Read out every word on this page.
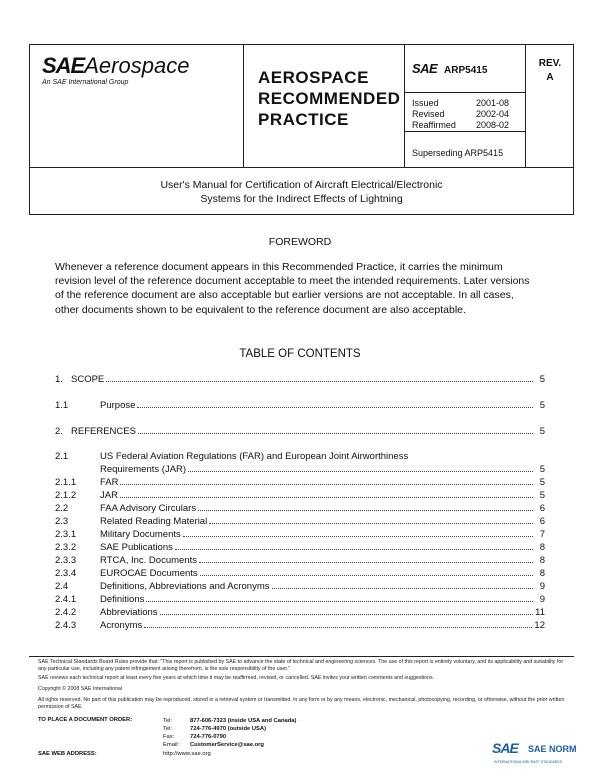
SAEAerospace
An SAE International Group	AEROSPACE
RECOMMENDED
PRACTICE
SAE ARP5415
Issued	2001-08
Revised	2002-04
Reaffirmed 2008-02
Superseding ARP5415
REV.
A
User's Manual for Certification of Aircraft Electrical/Electronic
Systems for the Indirect Effects of Lightning
FOREWORD
Whenever a reference document appears in this Recommended Practice, it carries the minimum
revision level of the reference document acceptable to meet the intended requirements. Later versions
of the reference document are also acceptable but earlier versions are not acceptable. In all cases,
other documents shown to be equivalent to the reference document are also acceptable.
TABLE OF CONTENTS
1. SCOPE	5
1.1	Purpose	5
2. REFERENCES	5
2.1	US Federal Aviation Regulations (FAR) and European Joint Airworthiness
Requirements (JAR)	5
2.1.1	FAR	5
2.1.2	JAR	5
2.2	FAA Advisory Circulars	6
2.3	Related Reading Material	6
2.3.1	Military Documents	7
2.3.2	SAE Publications	8
2.3.3	RTCA, Inc. Documents	8
2.3.4	EUROCAE Documents	8
2.4	Definitions, Abbreviations and Acronyms	9
2.4.1	Definitions	9
2.4.2	Abbreviations	11
2.4.3	Acronyms	12
SAE Technical Standards Board Rules provide that: "This report is published by SAE to advance the state of technical and engineering sciences. The use of this report is entirely voluntary, and its applicability and suitability for any particular use, including any patent infringement arising therefrom, is the sole responsibility of the user."
SAE reviews each technical report at least every five years at which time it may be reaffirmed, revised, or cancelled. SAE invites your written comments and suggestions.
Copyright © 2008 SAE International
All rights reserved. No part of this publication may be reproduced, stored in a retrieval system or transmitted, in any form or by any means, electronic, mechanical, photocopying, recording, or otherwise, without the prior written permission of SAE.
TO PLACE A DOCUMENT ORDER:	Tel:	877-606-7323 (inside USA and Canada)
Tel:	724-776-4970 (outside USA)
Fax:	724-776-0790
Email:	CustomerService@sae.org
SAE WEB ADDRESS:	http://www.sae.org	SAE	SAE NORM
INTERNATIONAL AIRCRAFT STANDARDS
